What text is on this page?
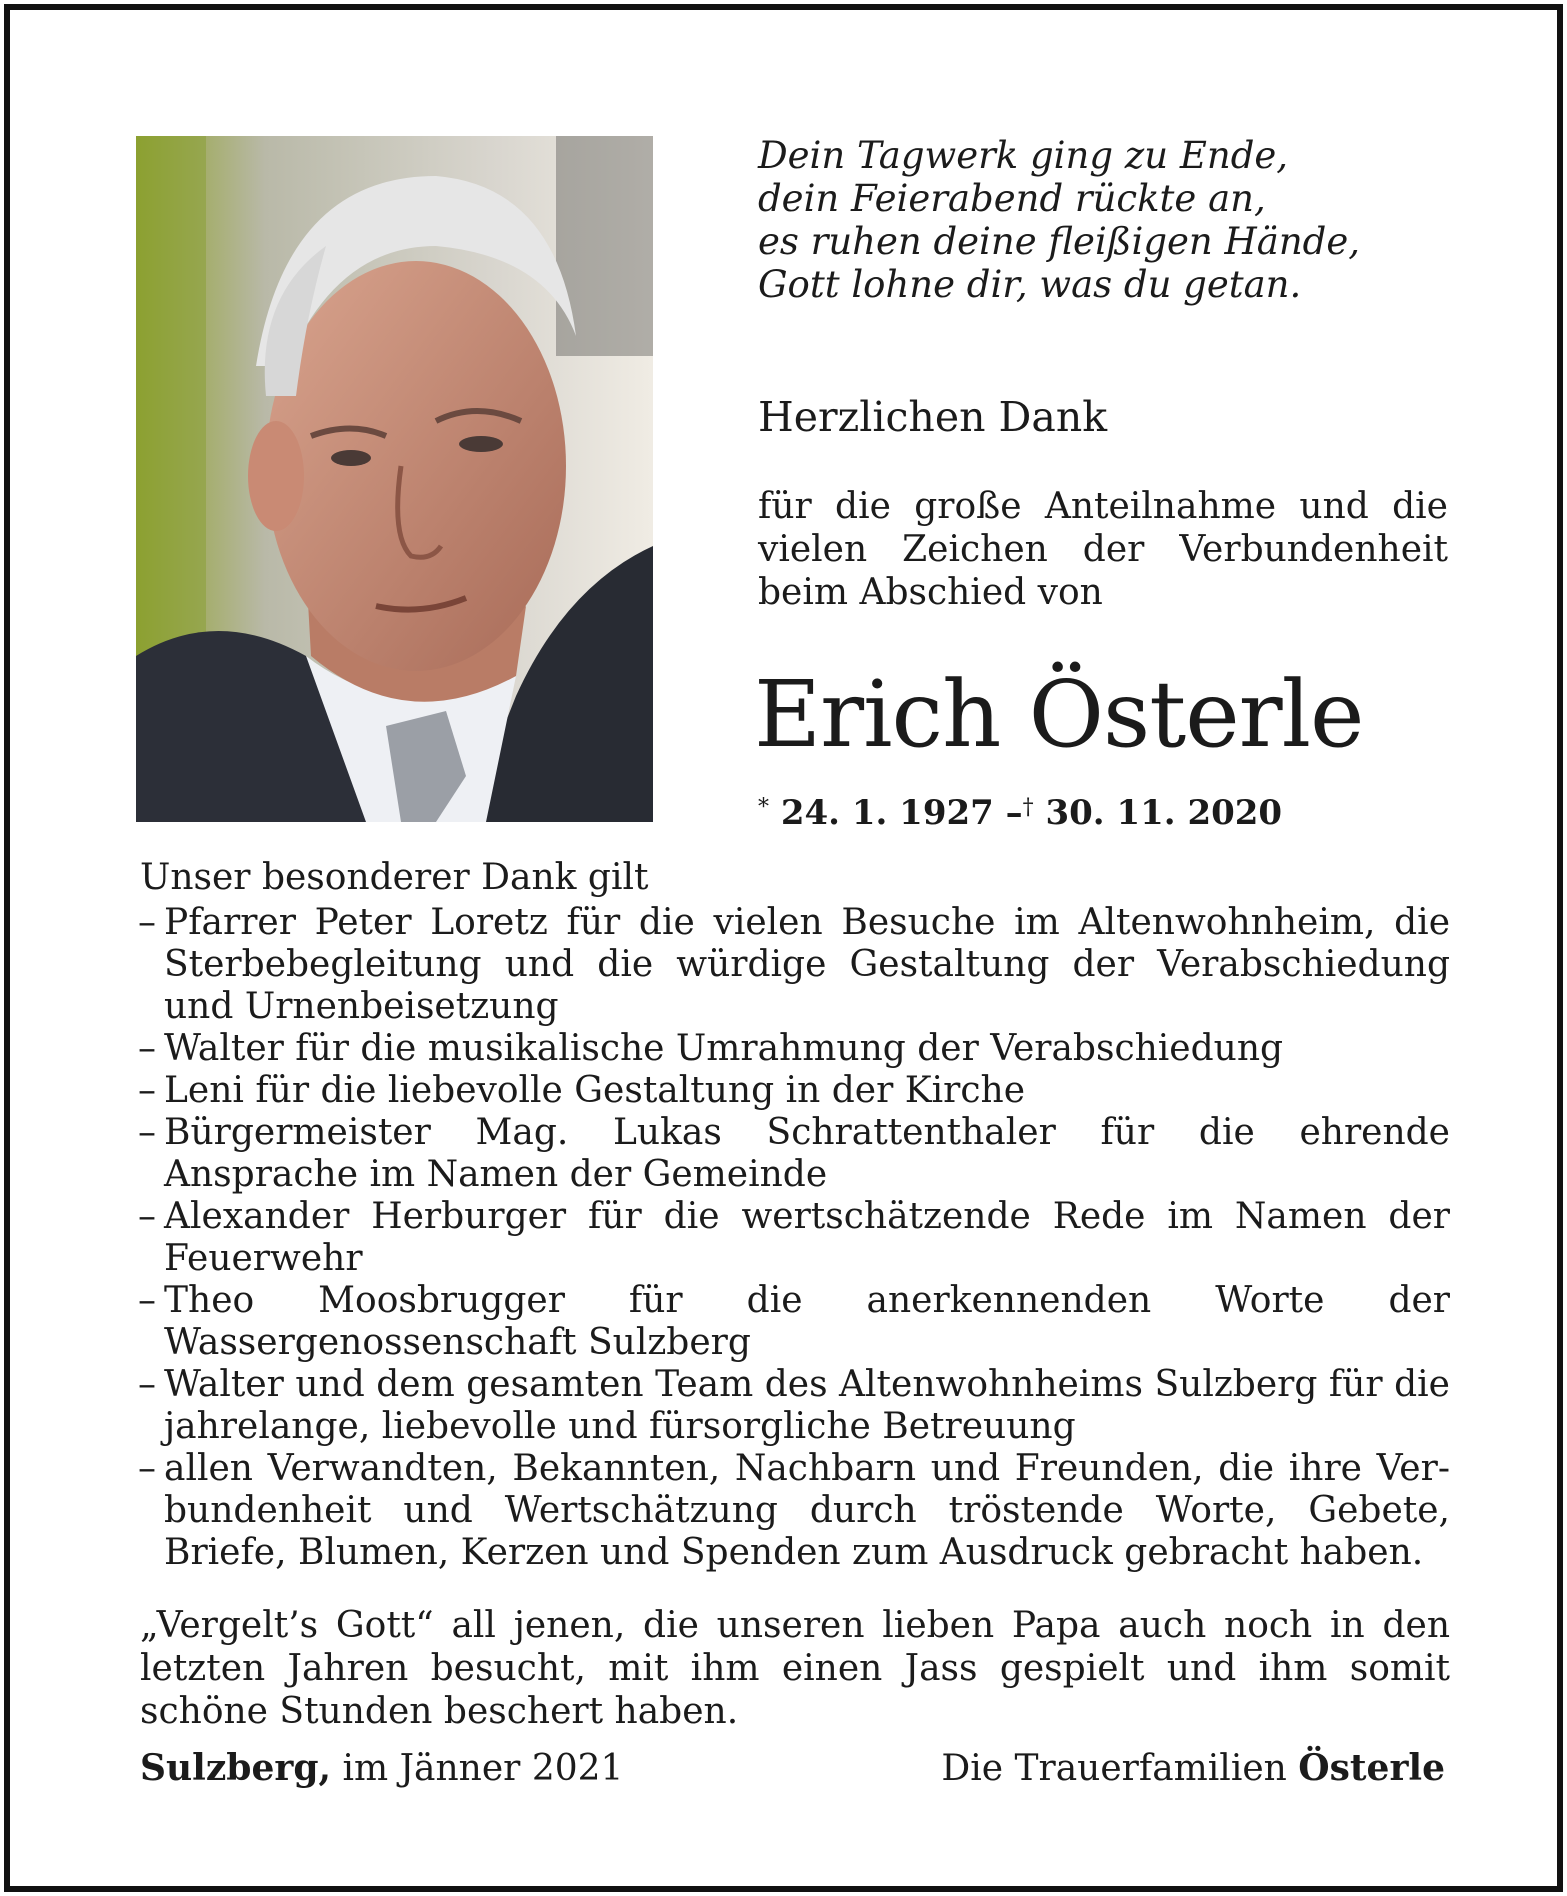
Dein Tagwerk ging zu Ende,
dein Feierabend rückte an,
es ruhen deine fleißigen Hände,
Gott lohne dir, was du getan.
Herzlichen Dank
für die große Anteilnahme und die vielen Zeichen der Verbundenheit beim Abschied von
Erich Österle
* 24. 1. 1927 –† 30. 11. 2020
Unser besonderer Dank gilt
– Pfarrer Peter Loretz für die vielen Besuche im Altenwohnheim, die Sterbebegleitung und die würdige Gestaltung der Verabschiedung und Urnenbeisetzung
– Walter für die musikalische Umrahmung der Verabschiedung
– Leni für die liebevolle Gestaltung in der Kirche
– Bürgermeister Mag. Lukas Schrattenthaler für die ehrende Ansprache im Namen der Gemeinde
– Alexander Herburger für die wertschätzende Rede im Namen der Feuerwehr
– Theo Moosbrugger für die anerkennenden Worte der Wassergenossenschaft Sulzberg
– Walter und dem gesamten Team des Altenwohnheims Sulzberg für die jahrelange, liebevolle und fürsorgliche Betreuung
– allen Verwandten, Bekannten, Nachbarn und Freunden, die ihre Verbundenheit und Wertschätzung durch tröstende Worte, Gebete, Briefe, Blumen, Kerzen und Spenden zum Ausdruck gebracht haben.
„Vergelt’s Gott“ all jenen, die unseren lieben Papa auch noch in den letzten Jahren besucht, mit ihm einen Jass gespielt und ihm somit schöne Stunden beschert haben.
Sulzberg, im Jänner 2021	Die Trauerfamilien Österle
